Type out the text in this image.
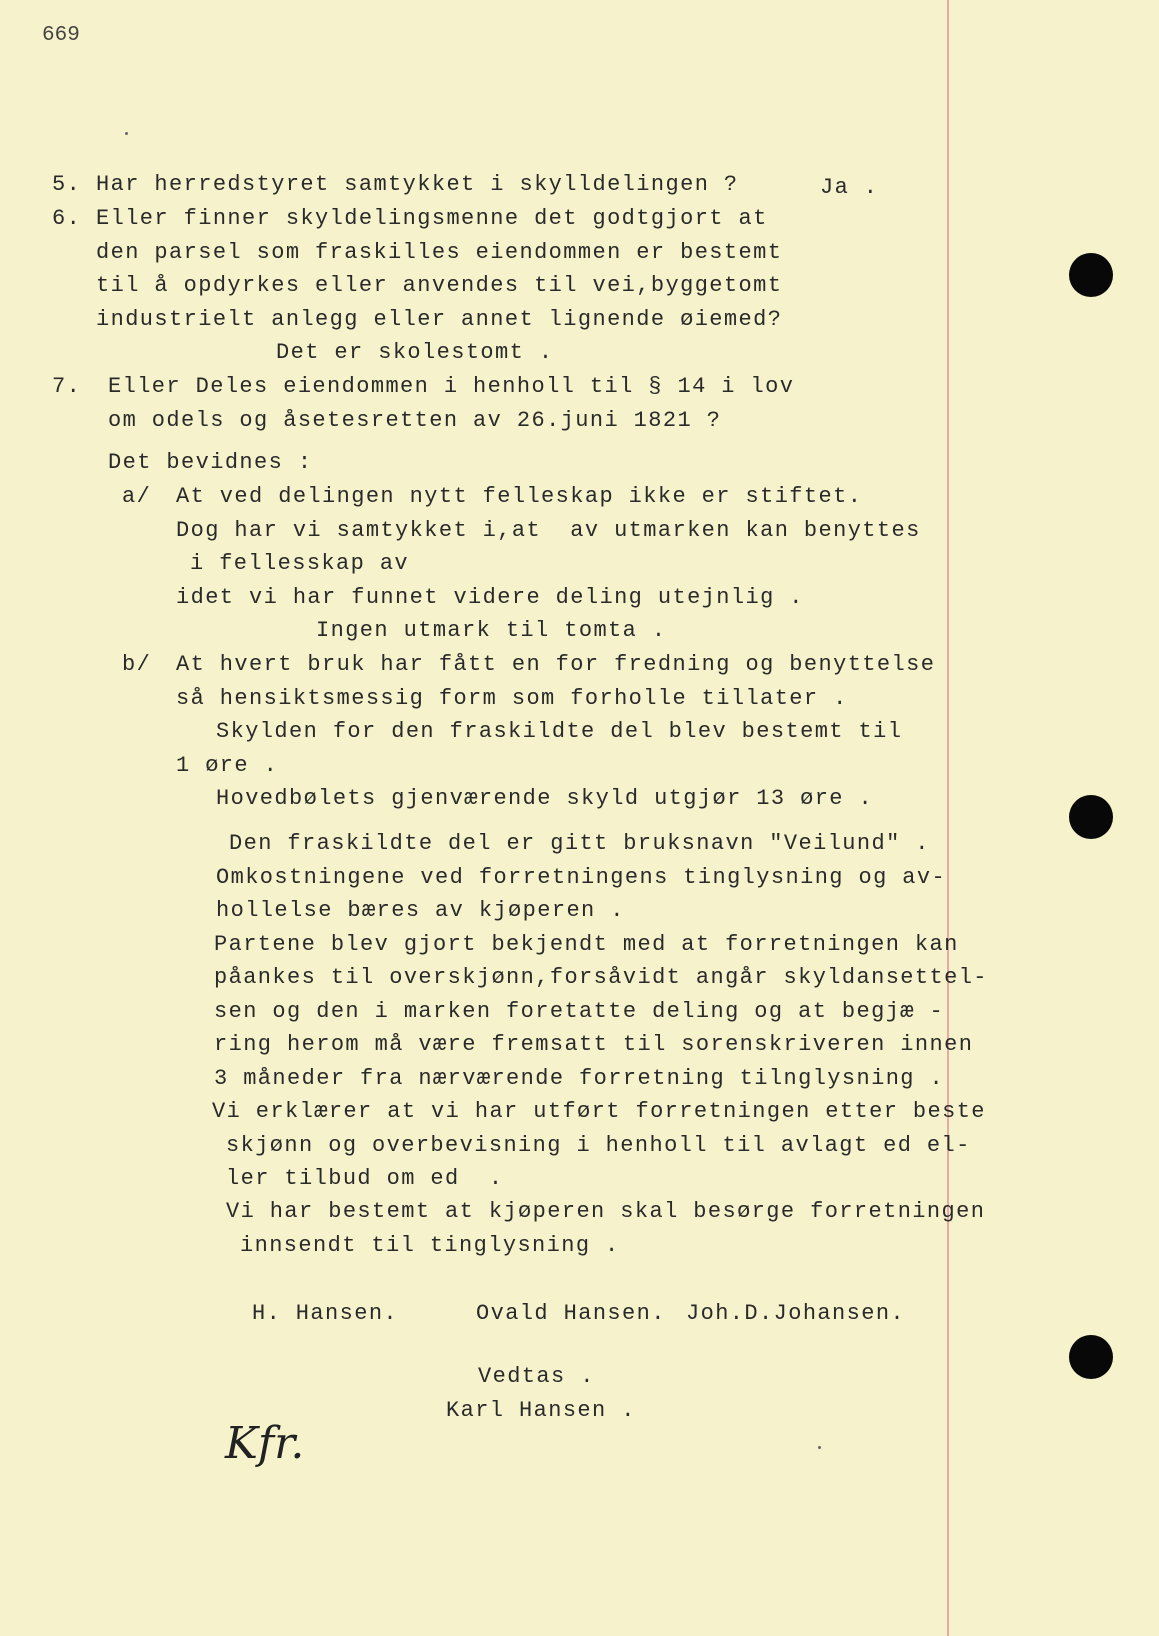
669
5. Har herredstyret samtykket i skylldelingen ?	Ja .
6. Eller finner skyldelingsmenne det godtgjort at
den parsel som fraskilles eiendommen er bestemt
til å opdyrkes eller anvendes til vei,byggetomt
industrielt anlegg eller annet lignende øiemed?
Det er skolestomt .
7. Eller Deles eiendommen i henholl til § 14 i lov
om odels og åsetesretten av 26.juni 1821 ?
Det bevidnes :
a/ At ved delingen nytt felleskap ikke er stiftet.
Dog har vi samtykket i,at  av utmarken kan benyttes
i fellesskap av
idet vi har funnet videre deling utejnlig .
Ingen utmark til tomta .
b/ At hvert bruk har fått en for fredning og benyttelse
så hensiktsmessig form som forholle tillater .
Skylden for den fraskildte del blev bestemt til
1 øre .
Hovedbølets gjenværende skyld utgjør 13 øre .
Den fraskildte del er gitt bruksnavn "Veilund" .
Omkostningene ved forretningens tinglysning og av-
hollelse bæres av kjøperen .
Partene blev gjort bekjendt med at forretningen kan
påankes til overskjønn,forsåvidt angår skyldansettel-
sen og den i marken foretatte deling og at begjæ -
ring herom må være fremsatt til sorenskriveren innen
3 måneder fra nærværende forretning tilnglysning .
Vi erklærer at vi har utført forretningen etter beste
skjønn og overbevisning i henholl til avlagt ed el-
ler tilbud om ed  .
Vi har bestemt at kjøperen skal besørge forretningen
innsendt til tinglysning .
H. Hansen.	Ovald Hansen. Joh.D.Johansen.
Vedtas .
Karl Hansen .
Kfr.
